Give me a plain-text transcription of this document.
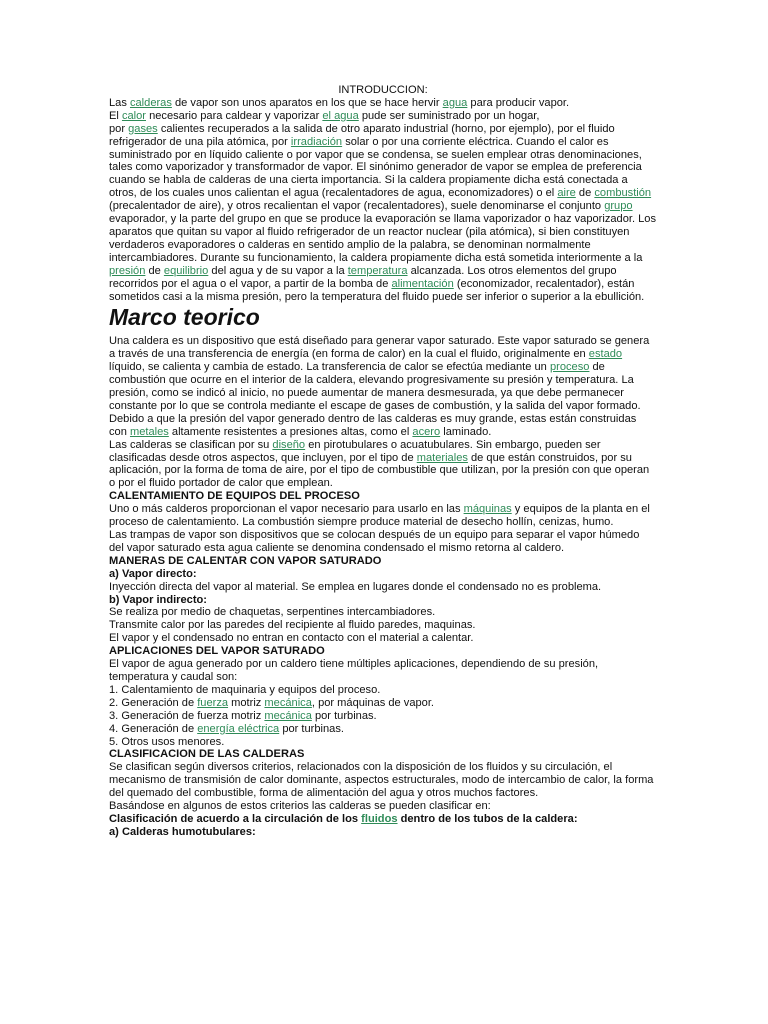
INTRODUCCION:
Las calderas de vapor son unos aparatos en los que se hace hervir agua para producir vapor.
El calor necesario para caldear y vaporizar el agua pude ser suministrado por un hogar,
por gases calientes recuperados a la salida de otro aparato industrial (horno, por ejemplo), por el fluido refrigerador de una pila atómica, por irradiación solar o por una corriente eléctrica. Cuando el calor es suministrado por en líquido caliente o por vapor que se condensa, se suelen emplear otras denominaciones, tales como vaporizador y transformador de vapor. El sinónimo generador de vapor se emplea de preferencia cuando se habla de calderas de una cierta importancia. Si la caldera propiamente dicha está conectada a otros, de los cuales unos calientan el agua (recalentadores de agua, economizadores) o el aire de combustión (precalentador de aire), y otros recalientan el vapor (recalentadores), suele denominarse el conjunto grupo evaporador, y la parte del grupo en que se produce la evaporación se llama vaporizador o haz vaporizador. Los aparatos que quitan su vapor al fluido refrigerador de un reactor nuclear (pila atómica), si bien constituyen verdaderos evaporadores o calderas en sentido amplio de la palabra, se denominan normalmente intercambiadores. Durante su funcionamiento, la caldera propiamente dicha está sometida interiormente a la presión de equilibrio del agua y de su vapor a la temperatura alcanzada. Los otros elementos del grupo recorridos por el agua o el vapor, a partir de la bomba de alimentación (economizador, recalentador), están sometidos casi a la misma presión, pero la temperatura del fluido puede ser inferior o superior a la ebullición.
Marco teorico
Una caldera es un dispositivo que está diseñado para generar vapor saturado. Este vapor saturado se genera a través de una transferencia de energía (en forma de calor) en la cual el fluido, originalmente en estado líquido, se calienta y cambia de estado. La transferencia de calor se efectúa mediante un proceso de combustión que ocurre en el interior de la caldera, elevando progresivamente su presión y temperatura. La presión, como se indicó al inicio, no puede aumentar de manera desmesurada, ya que debe permanecer constante por lo que se controla mediante el escape de gases de combustión, y la salida del vapor formado.
Debido a que la presión del vapor generado dentro de las calderas es muy grande, estas están construidas con metales altamente resistentes a presiones altas, como el acero laminado.
Las calderas se clasifican por su diseño en pirotubulares o acuatubulares. Sin embargo, pueden ser clasificadas desde otros aspectos, que incluyen, por el tipo de materiales de que están construidos, por su aplicación, por la forma de toma de aire, por el tipo de combustible que utilizan, por la presión con que operan o por el fluido portador de calor que emplean.
CALENTAMIENTO DE EQUIPOS DEL PROCESO
Uno o más calderos proporcionan el vapor necesario para usarlo en las máquinas y equipos de la planta en el proceso de calentamiento. La combustión siempre produce material de desecho hollín, cenizas, humo.
Las trampas de vapor son dispositivos que se colocan después de un equipo para separar el vapor húmedo del vapor saturado esta agua caliente se denomina condensado el mismo retorna al caldero.
MANERAS DE CALENTAR CON VAPOR SATURADO
a) Vapor directo:
Inyección directa del vapor al material. Se emplea en lugares donde el condensado no es problema.
b) Vapor indirecto:
Se realiza por medio de chaquetas, serpentines intercambiadores.
Transmite calor por las paredes del recipiente al fluido paredes, maquinas.
El vapor y el condensado no entran en contacto con el material a calentar.
APLICACIONES DEL VAPOR SATURADO
El vapor de agua generado por un caldero tiene múltiples aplicaciones, dependiendo de su presión, temperatura y caudal son:
1. Calentamiento de maquinaria y equipos del proceso.
2. Generación de fuerza motriz mecánica, por máquinas de vapor.
3. Generación de fuerza motriz mecánica por turbinas.
4. Generación de energía eléctrica por turbinas.
5. Otros usos menores.
CLASIFICACION DE LAS CALDERAS
Se clasifican según diversos criterios, relacionados con la disposición de los fluidos y su circulación, el mecanismo de transmisión de calor dominante, aspectos estructurales, modo de intercambio de calor, la forma del quemado del combustible, forma de alimentación del agua y otros muchos factores.
Basándose en algunos de estos criterios las calderas se pueden clasificar en:
Clasificación de acuerdo a la circulación de los fluidos dentro de los tubos de la caldera:
a) Calderas humotubulares:
